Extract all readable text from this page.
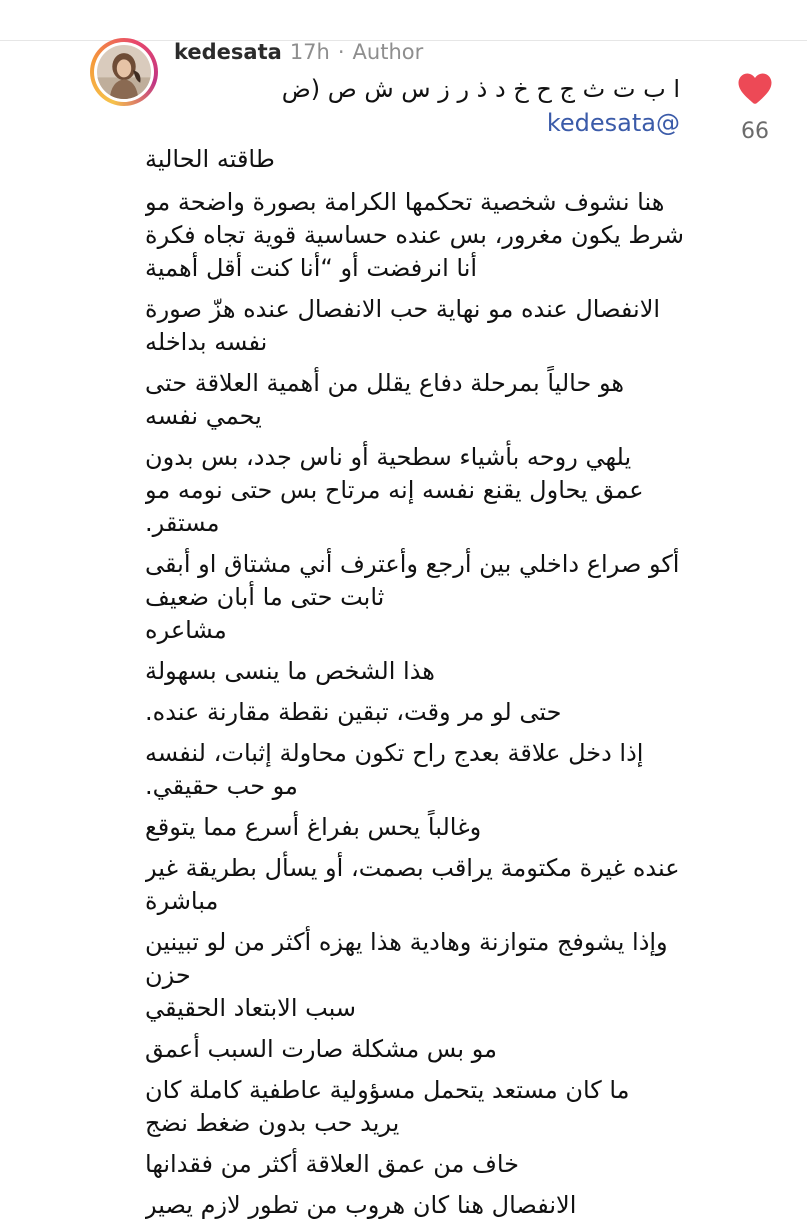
kedesata 17h · Author
ا ب ت ث ج ح خ د ذ ر ز س ش ص (ض @kedesata
طاقته الحالية
هنا نشوف شخصية تحكمها الكرامة بصورة واضحة مو
شرط يكون مغرور، بس عنده حساسية قوية تجاه فكرة
أنا انرفضت أو “أنا كنت أقل أهمية
الانفصال عنده مو نهاية حب الانفصال عنده هزّ صورة
نفسه بداخله
هو حالياً بمرحلة دفاع يقلل من أهمية العلاقة حتى
يحمي نفسه
يلهي روحه بأشياء سطحية أو ناس جدد، بس بدون
عمق يحاول يقنع نفسه إنه مرتاح بس حتى نومه مو
مستقر.
أكو صراع داخلي بين أرجع وأعترف أني مشتاق او أبقى
ثابت حتى ما أبان ضعيف
مشاعره
هذا الشخص ما ينسى بسهولة
حتى لو مر وقت، تبقين نقطة مقارنة عنده.
إذا دخل علاقة بعدج راح تكون محاولة إثبات، لنفسه
مو حب حقيقي.
وغالباً يحس بفراغ أسرع مما يتوقع
عنده غيرة مكتومة يراقب بصمت، أو يسأل بطريقة غير
مباشرة
وإذا يشوفج متوازنة وهادية هذا يهزه أكثر من لو تبينين
حزن
سبب الابتعاد الحقيقي
مو بس مشكلة صارت السبب أعمق
ما كان مستعد يتحمل مسؤولية عاطفية كاملة كان
يريد حب بدون ضغط نضج
خاف من عمق العلاقة أكثر من فقدانها
الانفصال هنا كان هروب من تطور لازم يصير
66
